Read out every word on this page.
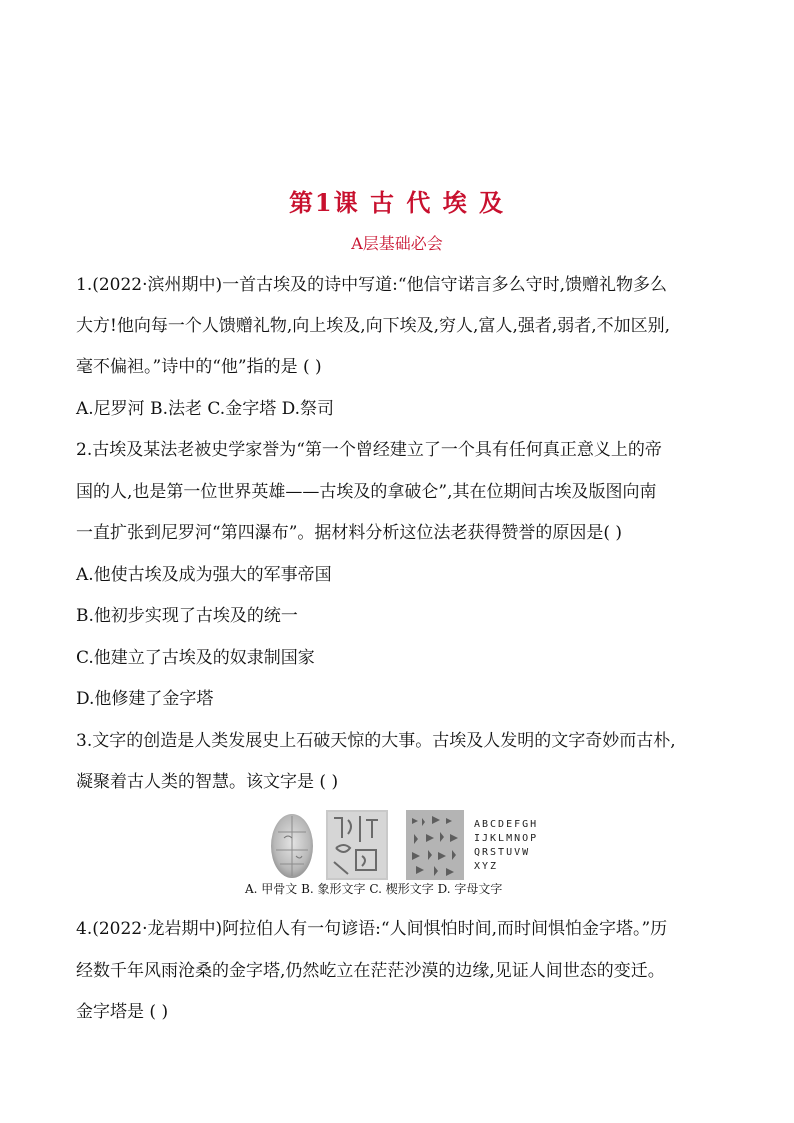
第1课 古 代 埃 及
A层基础必会
1.(2022·滨州期中)一首古埃及的诗中写道:“他信守诺言多么守时,馈赠礼物多么
大方!他向每一个人馈赠礼物,向上埃及,向下埃及,穷人,富人,强者,弱者,不加区别,
毫不偏袒。”诗中的“他”指的是 ( )
A.尼罗河 B.法老 C.金字塔 D.祭司
2.古埃及某法老被史学家誉为“第一个曾经建立了一个具有任何真正意义上的帝
国的人,也是第一位世界英雄——古埃及的拿破仑”,其在位期间古埃及版图向南
一直扩张到尼罗河“第四瀑布”。据材料分析这位法老获得赞誉的原因是( )
A.他使古埃及成为强大的军事帝国
B.他初步实现了古埃及的统一
C.他建立了古埃及的奴隶制国家
D.他修建了金字塔
3.文字的创造是人类发展史上石破天惊的大事。古埃及人发明的文字奇妙而古朴,
凝聚着古人类的智慧。该文字是 ( )
ABCDEFGH
IJKLMNOP
QRSTUVW
XYZ
A. 甲骨文 B. 象形文字 C. 楔形文字 D. 字母文字
4.(2022·龙岩期中)阿拉伯人有一句谚语:“人间惧怕时间,而时间惧怕金字塔。”历
经数千年风雨沧桑的金字塔,仍然屹立在茫茫沙漠的边缘,见证人间世态的变迁。
金字塔是 ( )
